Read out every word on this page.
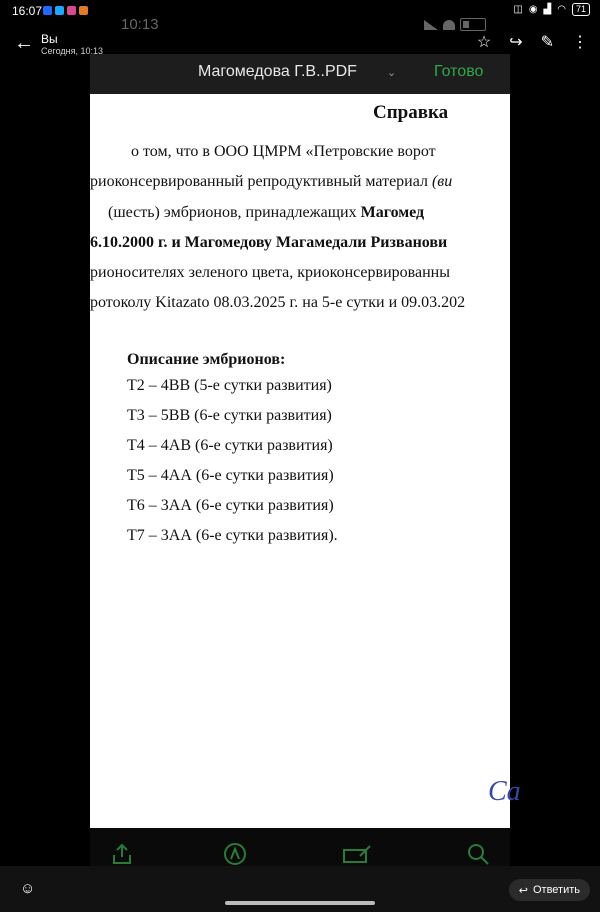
16:07	◫ ◉ ▟ ◠	71
10:13
Магомедова Г.В..PDF	⌄ Готово
Справка
о том, что в ООО ЦМРМ «Петровские ворот
риоконсервированный репродуктивный материал (ви
(шесть) эмбрионов, принадлежащих Магомед
6.10.2000 г. и Магомедову Магамедали Ризванови
рионосителях зеленого цвета, криоконсервированны
ротоколу Kitazato 08.03.2025 г. на 5-е сутки и 09.03.202
Описание эмбрионов:
Т2 – 4ВВ (5-е сутки развития)
Т3 – 5ВВ (6-е сутки развития)
Т4 – 4АВ (6-е сутки развития)
Т5 – 4АА (6-е сутки развития)
Т6 – 3АА (6-е сутки развития)
Т7 – 3АА (6-е сутки развития).
Ca
← Вы
Сегодня, 10:13	☆ ↪ ✎ ⋮
☺	↩ Ответить
